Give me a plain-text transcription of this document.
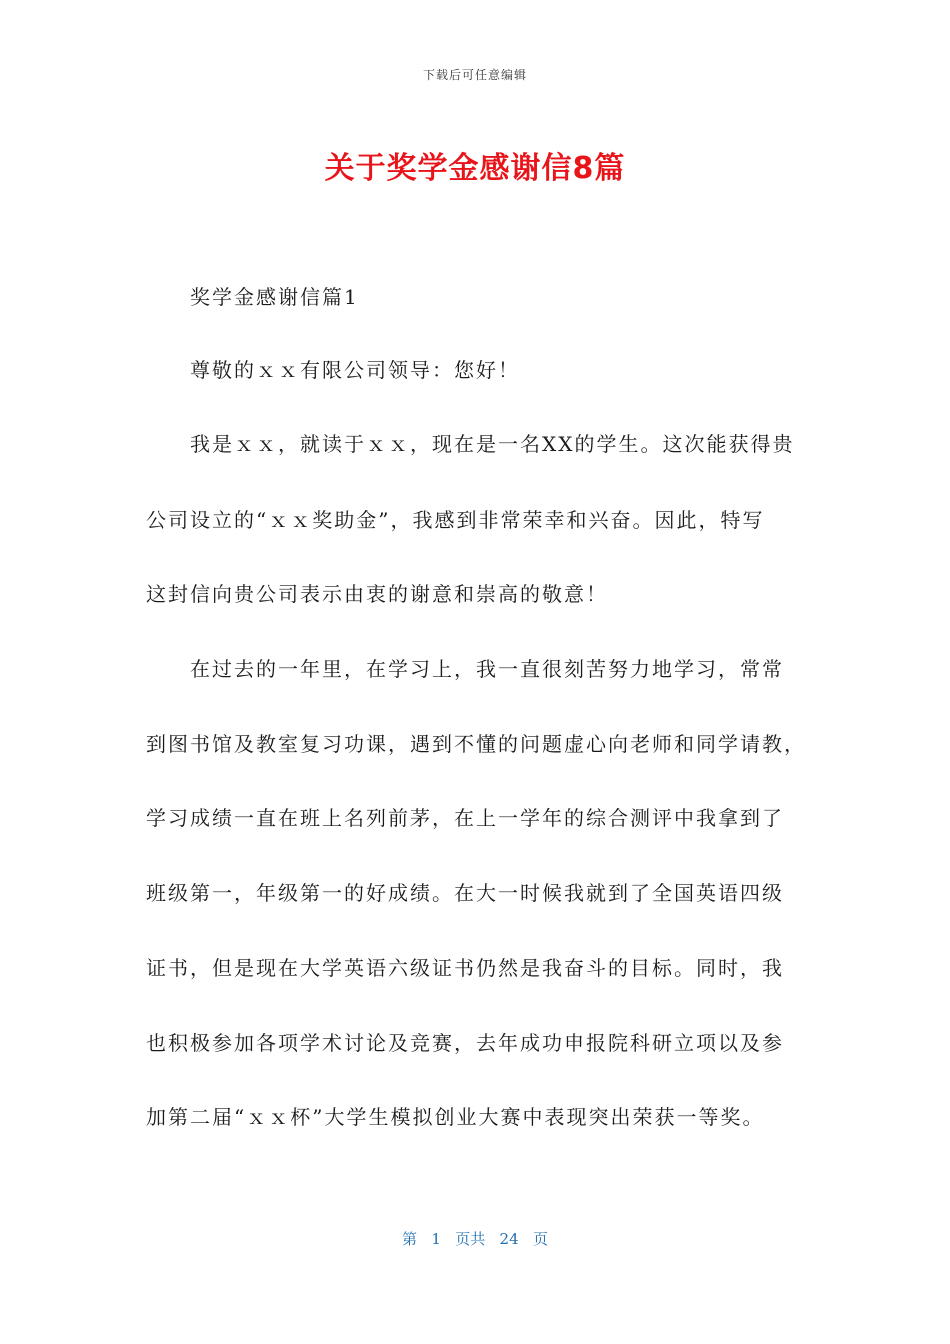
下载后可任意编辑
关于奖学金感谢信8篇
奖学金感谢信篇1
尊敬的ｘｘ有限公司领导：您好！
我是ｘｘ，就读于ｘｘ，现在是一名XX的学生。这次能获得贵
公司设立的“ｘｘ奖助金”，我感到非常荣幸和兴奋。因此，特写
这封信向贵公司表示由衷的谢意和崇高的敬意！
在过去的一年里，在学习上，我一直很刻苦努力地学习，常常
到图书馆及教室复习功课，遇到不懂的问题虚心向老师和同学请教，
学习成绩一直在班上名列前茅，在上一学年的综合测评中我拿到了
班级第一，年级第一的好成绩。在大一时候我就到了全国英语四级
证书，但是现在大学英语六级证书仍然是我奋斗的目标。同时，我
也积极参加各项学术讨论及竞赛，去年成功申报院科研立项以及参
加第二届“ｘｘ杯”大学生模拟创业大赛中表现突出荣获一等奖。
第 1 页共 24 页
